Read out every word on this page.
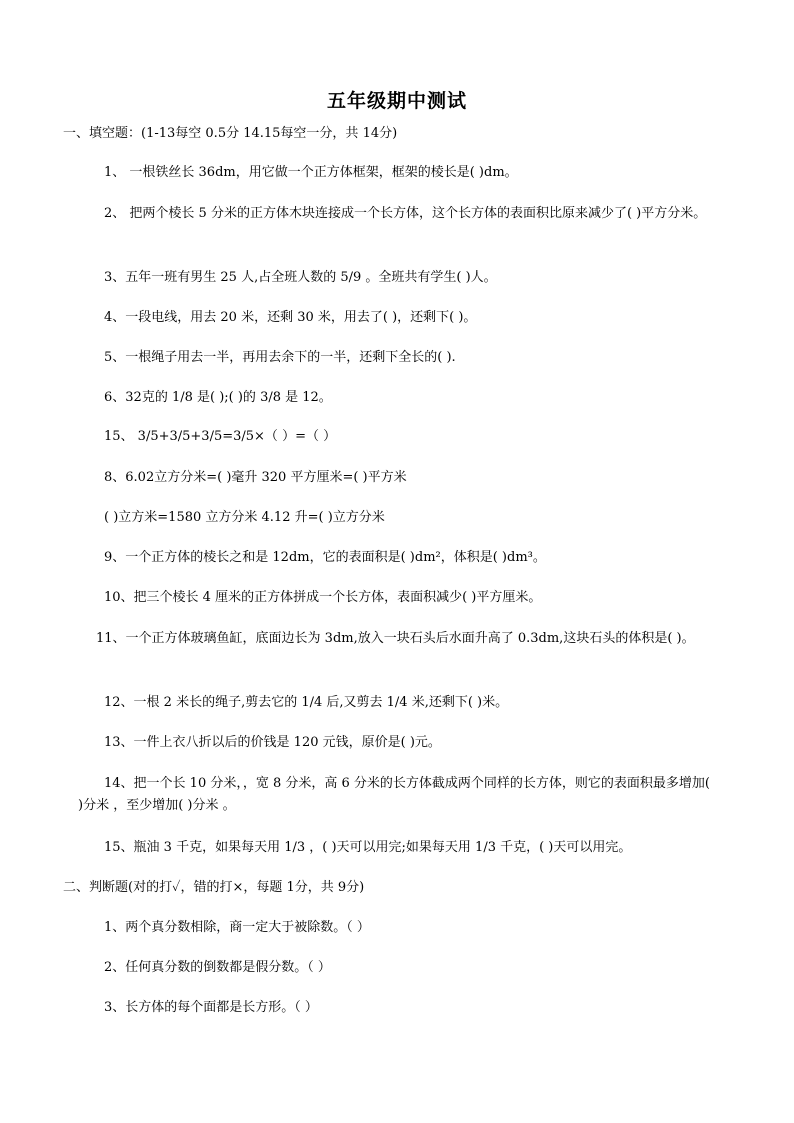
五年级期中测试
一、填空题：(1-13每空 0.5分 14.15每空一分，共 14分)
1、 一根铁丝长 36dm，用它做一个正方体框架，框架的棱长是( )dm。
2、 把两个棱长 5 分米的正方体木块连接成一个长方体，这个长方体的表面积比原来减少了( )平方分米。
3、五年一班有男生 25 人,占全班人数的 5/9 。全班共有学生( )人。
4、一段电线，用去 20 米，还剩 30 米，用去了( )，还剩下( )。
5、一根绳子用去一半，再用去余下的一半，还剩下全长的( ).
6、32克的 1/8 是( );( )的 3/8 是 12。
15、 3/5+3/5+3/5=3/5×（ ）=（ ）
8、6.02立方分米=( )毫升 320 平方厘米=( )平方米
( )立方米=1580 立方分米 4.12 升=( )立方分米
9、一个正方体的棱长之和是 12dm，它的表面积是( )dm²，体积是( )dm³。
10、把三个棱长 4 厘米的正方体拼成一个长方体，表面积减少( )平方厘米。
11、一个正方体玻璃鱼缸，底面边长为 3dm,放入一块石头后水面升高了 0.3dm,这块石头的体积是( )。
12、一根 2 米长的绳子,剪去它的 1/4 后,又剪去 1/4 米,还剩下( )米。
13、一件上衣八折以后的价钱是 120 元钱，原价是( )元。
14、把一个长 10 分米，，宽 8 分米，高 6 分米的长方体截成两个同样的长方体，则它的表面积最多增加( )分米 ，至少增加( )分米 。
15、瓶油 3 千克，如果每天用 1/3 ，( )天可以用完;如果每天用 1/3 千克，( )天可以用完。
二、判断题(对的打✓，错的打×，每题 1分，共 9分)
1、两个真分数相除，商一定大于被除数。（ ）
2、任何真分数的倒数都是假分数。（ ）
3、长方体的每个面都是长方形。（ ）
